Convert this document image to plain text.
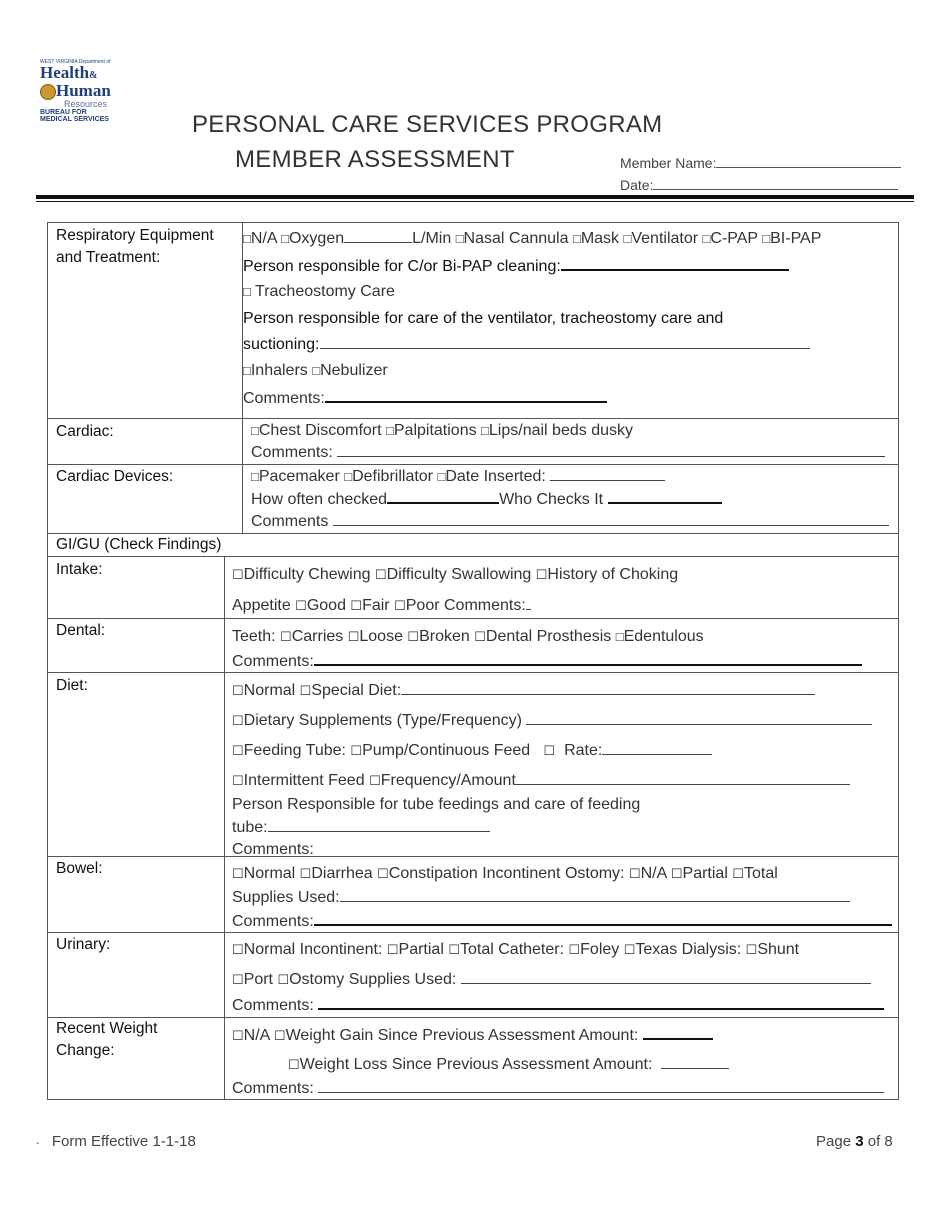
WEST VIRGINIA Department of
Health&
Human
Resources
BUREAU FOR
MEDICAL SERVICES	PERSONAL CARE SERVICES PROGRAM
MEMBER ASSESSMENT	Member Name:
Date:
Respiratory Equipment and Treatment:
□N/A □Oxygen	L/Min □Nasal Cannula □Mask □Ventilator □C-PAP □BI-PAP
Person responsible for C/or Bi-PAP cleaning:
□ Tracheostomy Care
Person responsible for care of the ventilator, tracheostomy care and
suctioning:
□Inhalers □Nebulizer
Comments:
Cardiac:	□Chest Discomfort □Palpitations □Lips/nail beds dusky
Comments:
Cardiac Devices:	□Pacemaker □Defibrillator □Date Inserted:
How often checked	Who Checks It
Comments
GI/GU (Check Findings)
Intake:	☐Difficulty Chewing ☐Difficulty Swallowing ☐History of Choking
Appetite ☐Good ☐Fair ☐Poor Comments:
Dental:	Teeth: ☐Carries ☐Loose ☐Broken ☐Dental Prosthesis □Edentulous
Comments:
Diet:	☐Normal ☐Special Diet:
☐Dietary Supplements (Type/Frequency)
☐Feeding Tube: ☐Pump/Continuous Feed ☐ Rate:
☐Intermittent Feed ☐Frequency/Amount
Person Responsible for tube feedings and care of feeding
tube:
Comments:
Bowel:	☐Normal ☐Diarrhea ☐Constipation Incontinent Ostomy: ☐N/A ☐Partial ☐Total
Supplies Used:
Comments:
Urinary:	☐Normal Incontinent: ☐Partial ☐Total Catheter: ☐Foley ☐Texas Dialysis: ☐Shunt
☐Port ☐Ostomy Supplies Used:
Comments:
Recent Weight Change:
☐N/A ☐Weight Gain Since Previous Assessment Amount:
☐Weight Loss Since Previous Assessment Amount:
Comments:
- Form Effective 1-1-18	Page 3 of 8
